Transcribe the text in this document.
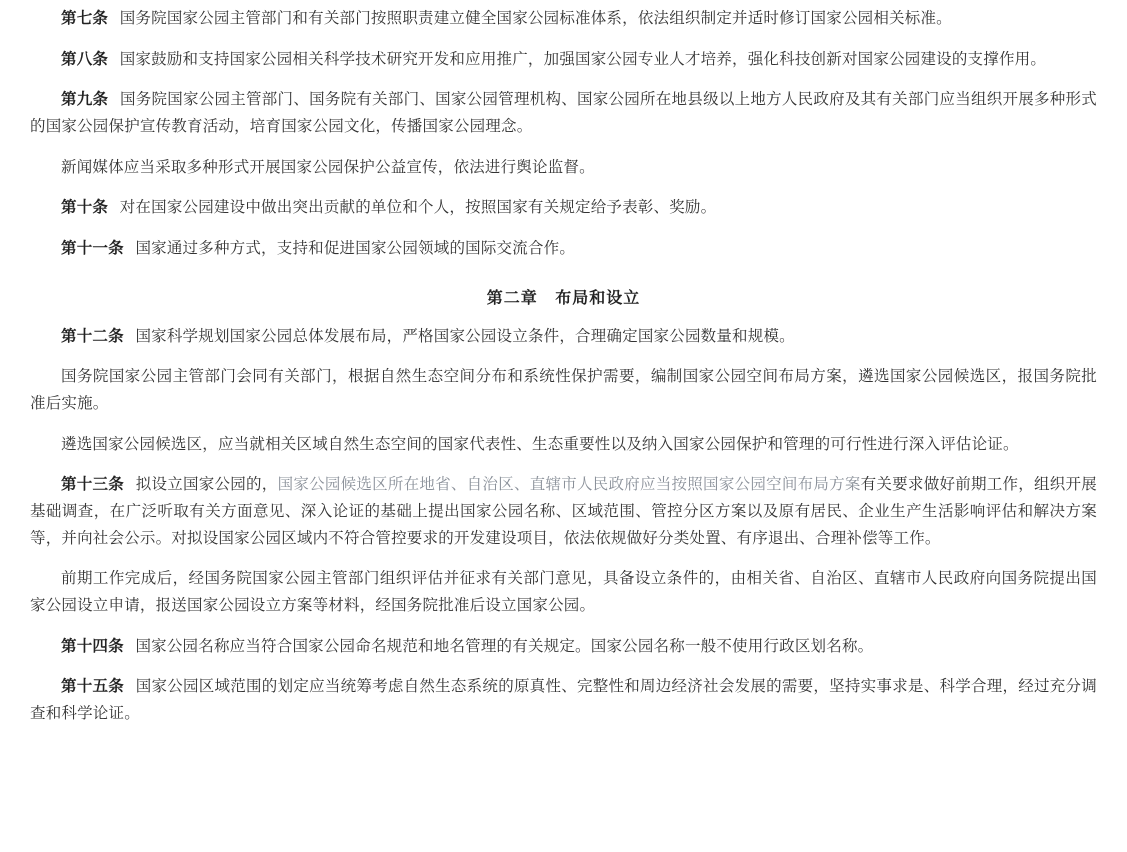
第七条 国务院国家公园主管部门和有关部门按照职责建立健全国家公园标准体系，依法组织制定并适时修订国家公园相关标准。

第八条 国家鼓励和支持国家公园相关科学技术研究开发和应用推广，加强国家公园专业人才培养，强化科技创新对国家公园建设的支撑作用。

第九条 国务院国家公园主管部门、国务院有关部门、国家公园管理机构、国家公园所在地县级以上地方人民政府及其有关部门应当组织开展多种形式的国家公园保护宣传教育活动，培育国家公园文化，传播国家公园理念。

新闻媒体应当采取多种形式开展国家公园保护公益宣传，依法进行舆论监督。

第十条 对在国家公园建设中做出突出贡献的单位和个人，按照国家有关规定给予表彰、奖励。

第十一条 国家通过多种方式，支持和促进国家公园领域的国际交流合作。

第二章 布局和设立

第十二条 国家科学规划国家公园总体发展布局，严格国家公园设立条件，合理确定国家公园数量和规模。

国务院国家公园主管部门会同有关部门，根据自然生态空间分布和系统性保护需要，编制国家公园空间布局方案，遴选国家公园候选区，报国务院批准后实施。

遴选国家公园候选区，应当就相关区域自然生态空间的国家代表性、生态重要性以及纳入国家公园保护和管理的可行性进行深入评估论证。

第十三条 拟设立国家公园的，国家公园候选区所在地省、自治区、直辖市人民政府应当按照国家公园空间布局方案有关要求做好前期工作，组织开展基础调查，在广泛听取有关方面意见、深入论证的基础上提出国家公园名称、区域范围、管控分区方案以及原有居民、企业生产生活影响评估和解决方案等，并向社会公示。对拟设国家公园区域内不符合管控要求的开发建设项目，依法依规做好分类处置、有序退出、合理补偿等工作。

前期工作完成后，经国务院国家公园主管部门组织评估并征求有关部门意见，具备设立条件的，由相关省、自治区、直辖市人民政府向国务院提出国家公园设立申请，报送国家公园设立方案等材料，经国务院批准后设立国家公园。

第十四条 国家公园名称应当符合国家公园命名规范和地名管理的有关规定。国家公园名称一般不使用行政区划名称。

第十五条 国家公园区域范围的划定应当统筹考虑自然生态系统的原真性、完整性和周边经济社会发展的需要，坚持实事求是、科学合理，经过充分调查和科学论证。
